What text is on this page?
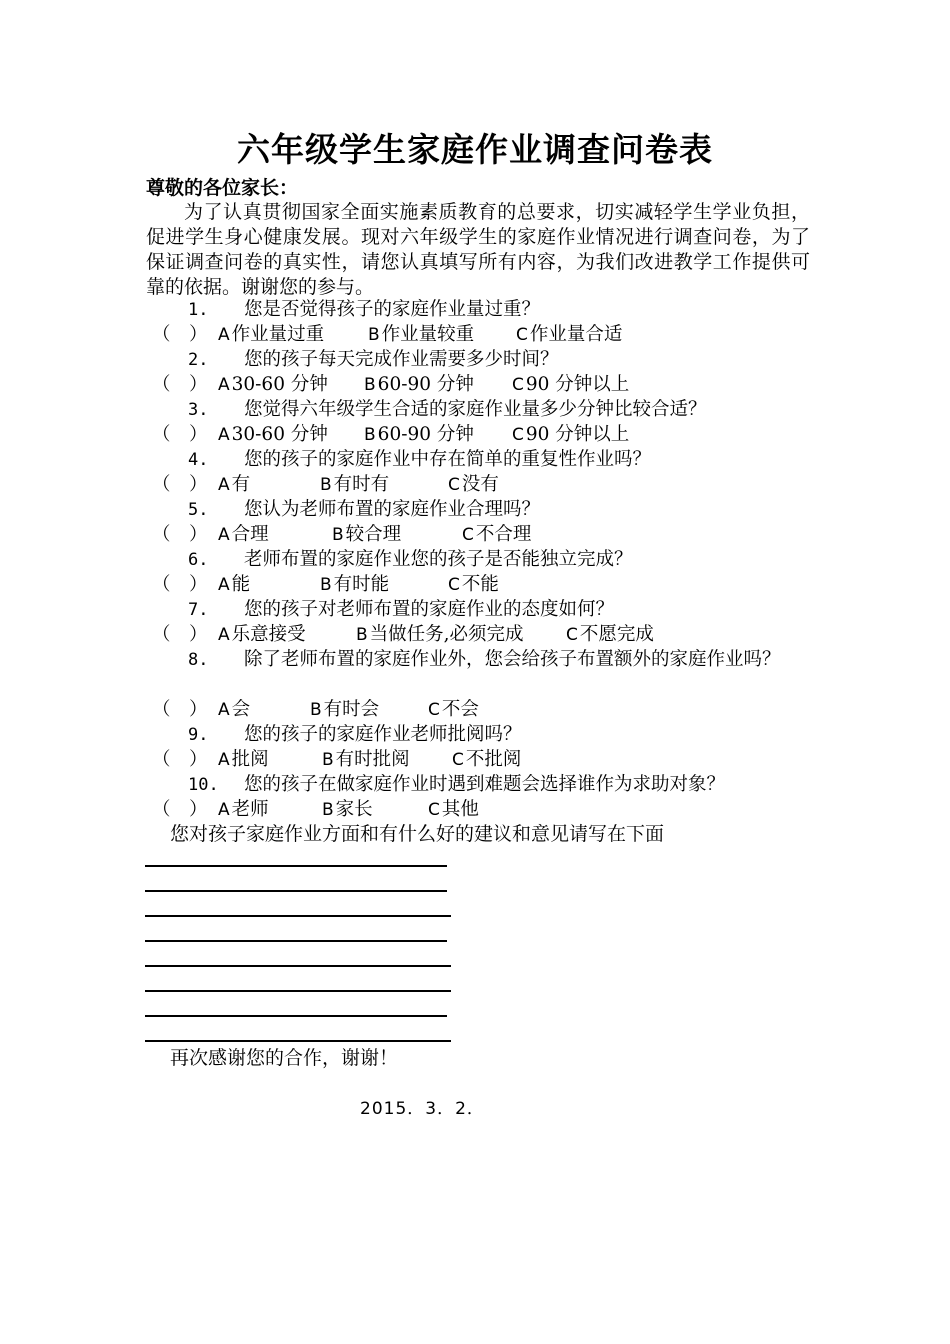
六年级学生家庭作业调查问卷表
尊敬的各位家长：
为了认真贯彻国家全面实施素质教育的总要求，切实减轻学生学业负担，促进学生身心健康发展。现对六年级学生的家庭作业情况进行调查问卷，为了保证调查问卷的真实性，请您认真填写所有内容，为我们改进教学工作提供可靠的依据。谢谢您的参与。
1. 您是否觉得孩子的家庭作业量过重？
（　） A 作业量过重	B 作业量较重 C 作业量合适
2. 您的孩子每天完成作业需要多少时间？
（　） A 30-60 分钟 B 60-90 分钟 C 90 分钟以上
3. 您觉得六年级学生合适的家庭作业量多少分钟比较合适？
（　） A 30-60 分钟 B 60-90 分钟 C 90 分钟以上
4. 您的孩子的家庭作业中存在简单的重复性作业吗？
（　） A 有	B 有时有	C 没有
5. 您认为老师布置的家庭作业合理吗？
（　） A 合理	B 较合理	C 不合理
6. 老师布置的家庭作业您的孩子是否能独立完成？
（　） A 能	B 有时能	C 不能
7. 您的孩子对老师布置的家庭作业的态度如何？
（　） A 乐意接受	B 当做任务,必须完成 C 不愿完成
8. 除了老师布置的家庭作业外，您会给孩子布置额外的家庭作业吗？
（　） A 会	B 有时会	C 不会
9. 您的孩子的家庭作业老师批阅吗？
（　） A 批阅	B 有时批阅 C 不批阅
10. 您的孩子在做家庭作业时遇到难题会选择谁作为求助对象？
（　） A 老师	B 家长	C 其他
您对孩子家庭作业方面和有什么好的建议和意见请写在下面
再次感谢您的合作，谢谢！
2015．3．2．
